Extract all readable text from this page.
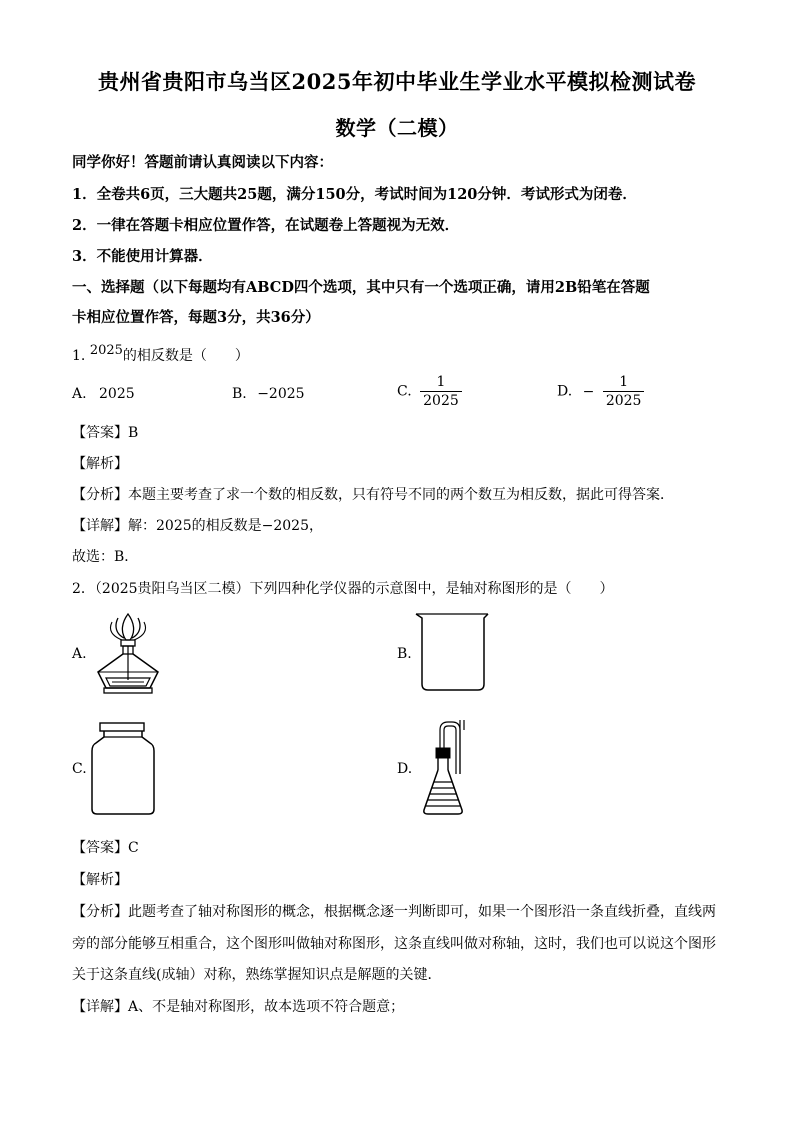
贵州省贵阳市乌当区2025年初中毕业生学业水平模拟检测试卷
数学（二模）
同学你好！答题前请认真阅读以下内容：
1．全卷共6页，三大题共25题，满分150分，考试时间为120分钟．考试形式为闭卷．
2．一律在答题卡相应位置作答，在试题卷上答题视为无效．
3．不能使用计算器．
一、选择题（以下每题均有ABCD四个选项，其中只有一个选项正确，请用2B铅笔在答题
卡相应位置作答，每题3分，共36分）
1. 2025的相反数是（　　）
A. 2025	B. −2025	C. $\frac{1}{2025}$	D. − $\frac{1}{2025}$
【答案】B
【解析】
【分析】本题主要考查了求一个数的相反数，只有符号不同的两个数互为相反数，据此可得答案．
【详解】解：2025的相反数是−2025，
故选：B．
2．（2025贵阳乌当区二模）下列四种化学仪器的示意图中，是轴对称图形的是（　　）
A.	B.
C.	D.
【答案】C
【解析】
【分析】此题考查了轴对称图形的概念，根据概念逐一判断即可，如果一个图形沿一条直线折叠，直线两
旁的部分能够互相重合，这个图形叫做轴对称图形，这条直线叫做对称轴，这时，我们也可以说这个图形
关于这条直线(成轴）对称，熟练掌握知识点是解题的关键．
【详解】A、不是轴对称图形，故本选项不符合题意；
